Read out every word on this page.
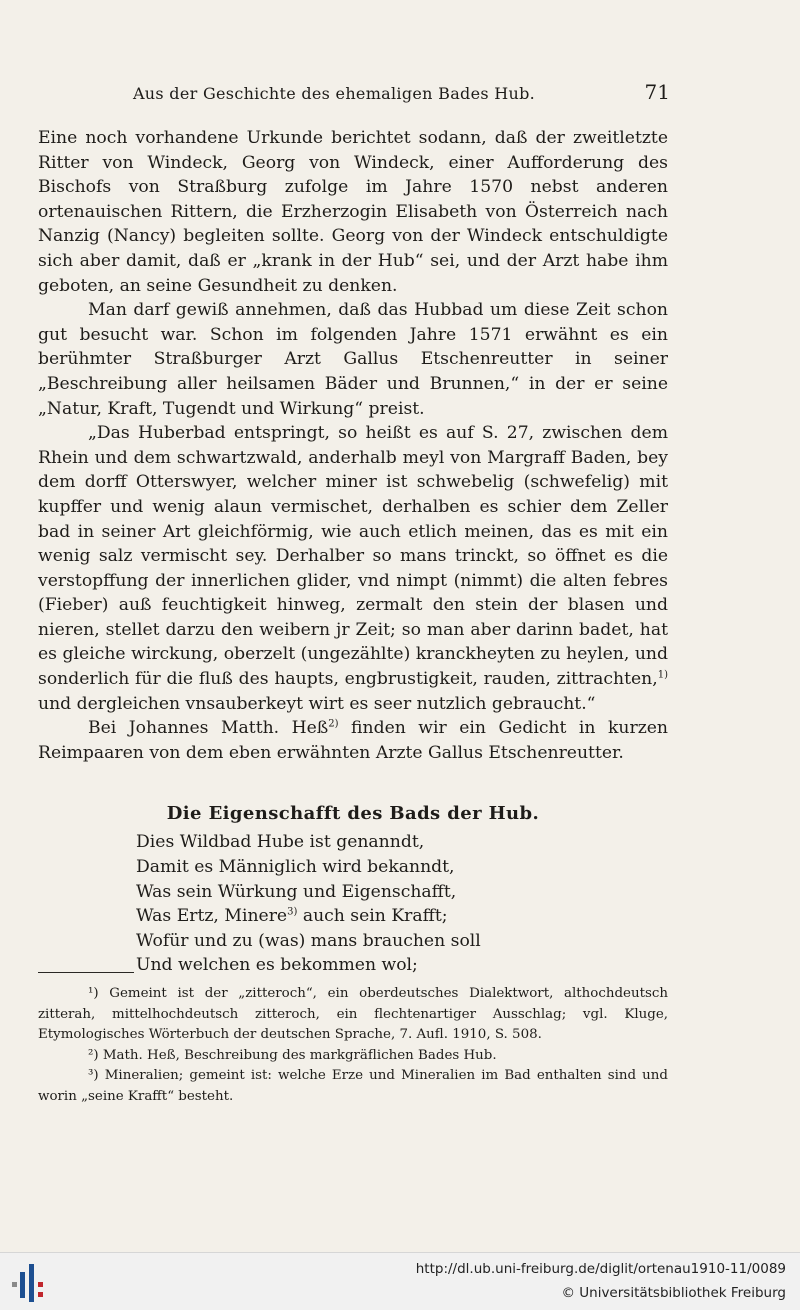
Aus der Geschichte des ehemaligen Bades Hub.	71

Eine noch vorhandene Urkunde berichtet sodann, daß der zweitletzte Ritter von Windeck, Georg von Windeck, einer Aufforderung des Bischofs von Straßburg zufolge im Jahre 1570 nebst anderen ortenauischen Rittern, die Erzherzogin Elisabeth von Österreich nach Nanzig (Nancy) begleiten sollte. Georg von der Windeck entschuldigte sich aber damit, daß er „krank in der Hub“ sei, und der Arzt habe ihm geboten, an seine Gesundheit zu denken.

Man darf gewiß annehmen, daß das Hubbad um diese Zeit schon gut besucht war. Schon im folgenden Jahre 1571 erwähnt es ein berühmter Straßburger Arzt Gallus Etschenreutter in seiner „Beschreibung aller heilsamen Bäder und Brunnen,“ in der er seine „Natur, Kraft, Tugendt und Wirkung“ preist.

„Das Huberbad entspringt, so heißt es auf S. 27, zwischen dem Rhein und dem schwartzwald, anderhalb meyl von Margraff Baden, bey dem dorff Otterswyer, welcher miner ist schwebelig (schwefelig) mit kupffer und wenig alaun vermischet, derhalben es schier dem Zeller bad in seiner Art gleichförmig, wie auch etlich meinen, das es mit ein wenig salz vermischt sey. Derhalber so mans trinckt, so öffnet es die verstopffung der innerlichen glider, vnd nimpt (nimmt) die alten febres (Fieber) auß feuchtigkeit hinweg, zermalt den stein der blasen und nieren, stellet darzu den weibern jr Zeit; so man aber darinn badet, hat es gleiche wirckung, oberzelt (ungezählte) kranckheyten zu heylen, und sonderlich für die fluß des haupts, engbrustigkeit, rauden, zittrachten,$^{1)}$ und dergleichen vnsauberkeyt wirt es seer nutzlich gebraucht.“

Bei Johannes Matth. Heß$^{2)}$ finden wir ein Gedicht in kurzen Reimpaaren von dem eben erwähnten Arzte Gallus Etschenreutter.

Die Eigenschafft des Bads der Hub.
Dies Wildbad Hube ist genanndt,
Damit es Männiglich wird bekanndt,
Was sein Würkung und Eigenschafft,
Was Ertz, Minere$^{3)}$ auch sein Krafft;
Wofür und zu (was) mans brauchen soll
Und welchen es bekommen wol;

¹) Gemeint ist der „zitteroch“, ein oberdeutsches Dialektwort, althochdeutsch zitterah, mittelhochdeutsch zitteroch, ein flechtenartiger Ausschlag; vgl. Kluge, Etymologisches Wörterbuch der deutschen Sprache, 7. Aufl. 1910, S. 508.

²) Math. Heß, Beschreibung des markgräflichen Bades Hub.

³) Mineralien; gemeint ist: welche Erze und Mineralien im Bad enthalten sind und worin „seine Krafft“ besteht.

http://dl.ub.uni-freiburg.de/diglit/ortenau1910-11/0089
© Universitätsbibliothek Freiburg
